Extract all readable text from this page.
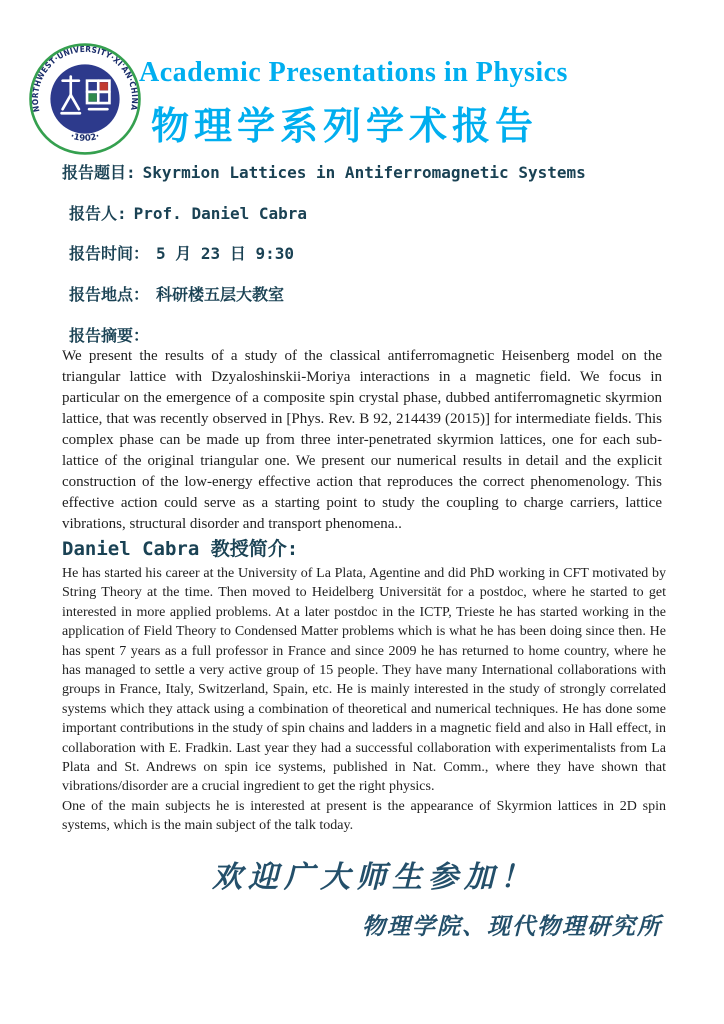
NORTHWEST·UNIVERSITY·XI'AN·CHINA
·1902·
Academic Presentations in Physics
物理学系列学术报告
报告题目: Skyrmion Lattices in Antiferromagnetic Systems
报告人: Prof. Daniel Cabra
报告时间： 5 月 23 日 9:30
报告地点： 科研楼五层大教室
报告摘要：
We present the results of a study of the classical antiferromagnetic Heisenberg model on the triangular lattice with Dzyaloshinskii-Moriya interactions in a magnetic field. We focus in particular on the emergence of a composite spin crystal phase, dubbed antiferromagnetic skyrmion lattice, that was recently observed in [Phys. Rev. B 92, 214439 (2015)] for intermediate fields. This complex phase can be made up from three inter-penetrated skyrmion lattices, one for each sub-lattice of the original triangular one. We present our numerical results in detail and the explicit construction of the low-energy effective action that reproduces the correct phenomenology. This effective action could serve as a starting point to study the coupling to charge carriers, lattice vibrations, structural disorder and transport phenomena..
Daniel Cabra 教授简介:

He has started his career at the University of La Plata, Agentine and did PhD working in CFT motivated by String Theory at the time. Then moved to Heidelberg Universität for a postdoc, where he started to get interested in more applied problems. At a later postdoc in the ICTP, Trieste he has started working in the application of Field Theory to Condensed Matter problems which is what he has been doing since then. He has spent 7 years as a full professor in France and since 2009 he has returned to home country, where he has managed to settle a very active group of 15 people. They have many International collaborations with groups in France, Italy, Switzerland, Spain, etc. He is mainly interested in the study of strongly correlated systems which they attack using a combination of theoretical and numerical techniques. He has done some important contributions in the study of spin chains and ladders in a magnetic field and also in Hall effect, in collaboration with E. Fradkin. Last year they had a successful collaboration with experimentalists from La Plata and St. Andrews on spin ice systems, published in Nat. Comm., where they have shown that vibrations/disorder are a crucial ingredient to get the right physics.

One of the main subjects he is interested at present is the appearance of Skyrmion lattices in 2D spin systems, which is the main subject of the talk today.

欢迎广大师生参加！
物理学院、现代物理研究所
